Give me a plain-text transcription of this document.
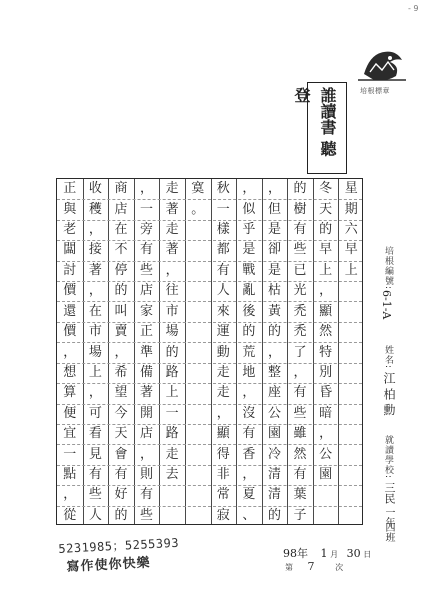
- 9
培根標章
誰讀書 聽 登
星
期
六
早
上
冬
天
的
早
上
，
顯
然
特
別
昏
暗
，
公
園
的
樹
有
些
已
光
禿
禿
了
，
有
些
雖
然
有
葉
子
，
但
是
卻
是
枯
黃
的
，
整
座
公
園
冷
清
清
的
，
似
乎
是
戰
亂
後
的
荒
地
，
沒
有
香
，
夏
、
秋
一
樣
都
有
人
來
運
動
走
走
，
顯
得
非
常
寂
寞
。
走
著
走
著
，
往
市
場
的
路
上
一
路
走
去
，
一
旁
有
些
店
家
正
準
備
著
開
店
，
則
有
些
商
店
在
不
停
的
叫
賣
，
希
望
今
天
會
有
好
的
收
穫
，
接
著
，
在
市
場
上
，
可
看
見
有
些
人
正
與
老
闆
討
價
還
價
，
想
算
便
宜
一
點
，
從
培根編號:
6-1-A
姓名:
江 柏 勳
就讀學校:
三民
一年
四班
5231985；5255393
寫作使你快樂
98年 1 月 30 日
第 7	次
